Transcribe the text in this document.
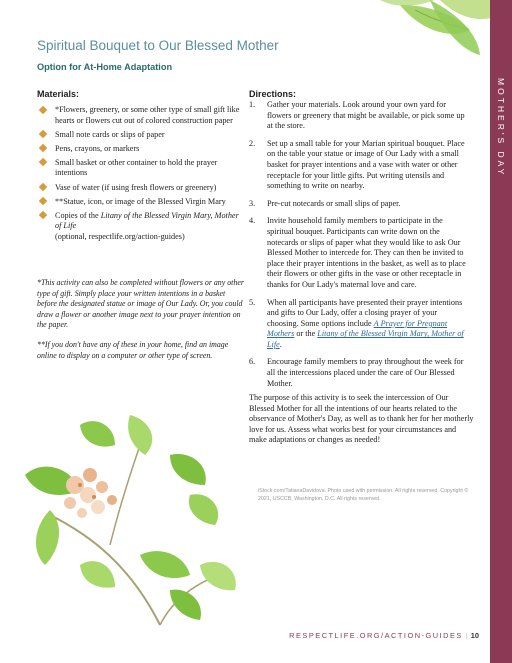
MOTHER'S DAY
Spiritual Bouquet to Our Blessed Mother
Option for At-Home Adaptation
Materials:
*Flowers, greenery, or some other type of small gift like hearts or flowers cut out of colored construction paper
Small note cards or slips of paper
Pens, crayons, or markers
Small basket or other container to hold the prayer intentions
Vase of water (if using fresh flowers or greenery)
**Statue, icon, or image of the Blessed Virgin Mary
Copies of the Litany of the Blessed Virgin Mary, Mother of Life
(optional, respectlife.org/action-guides)

*This activity can also be completed without flowers or any other type of gift. Simply place your written intentions in a basket before the designated statue or image of Our Lady. Or, you could draw a flower or another image next to your prayer intention on the paper.

**If you don't have any of these in your home, find an image online to display on a computer or other type of screen.

Directions:
1. Gather your materials. Look around your own yard for flowers or greenery that might be available, or pick some up at the store.
2. Set up a small table for your Marian spiritual bouquet. Place on the table your statue or image of Our Lady with a small basket for prayer intentions and a vase with water or other receptacle for your little gifts. Put writing utensils and something to write on nearby.
3. Pre-cut notecards or small slips of paper.
4. Invite household family members to participate in the spiritual bouquet. Participants can write down on the notecards or slips of paper what they would like to ask Our Blessed Mother to intercede for. They can then be invited to place their prayer intentions in the basket, as well as to place their flowers or other gifts in the vase or other receptacle in thanks for Our Lady's maternal love and care.
5. When all participants have presented their prayer intentions and gifts to Our Lady, offer a closing prayer of your choosing. Some options include A Prayer for Pregnant Mothers or the Litany of the Blessed Virgin Mary, Mother of Life.
6. Encourage family members to pray throughout the week for all the intercessions placed under the care of Our Blessed Mother.

The purpose of this activity is to seek the intercession of Our Blessed Mother for all the intentions of our hearts related to the observance of Mother's Day, as well as to thank her for her motherly love for us. Assess what works best for your circumstances and make adaptations or changes as needed!

iStock.com/TatianaDavidova. Photo used with permission. All rights reserved. Copyright © 2021, USCCB, Washington, D.C. All rights reserved.

RESPECTLIFE.ORG/ACTION-GUIDES | 10
